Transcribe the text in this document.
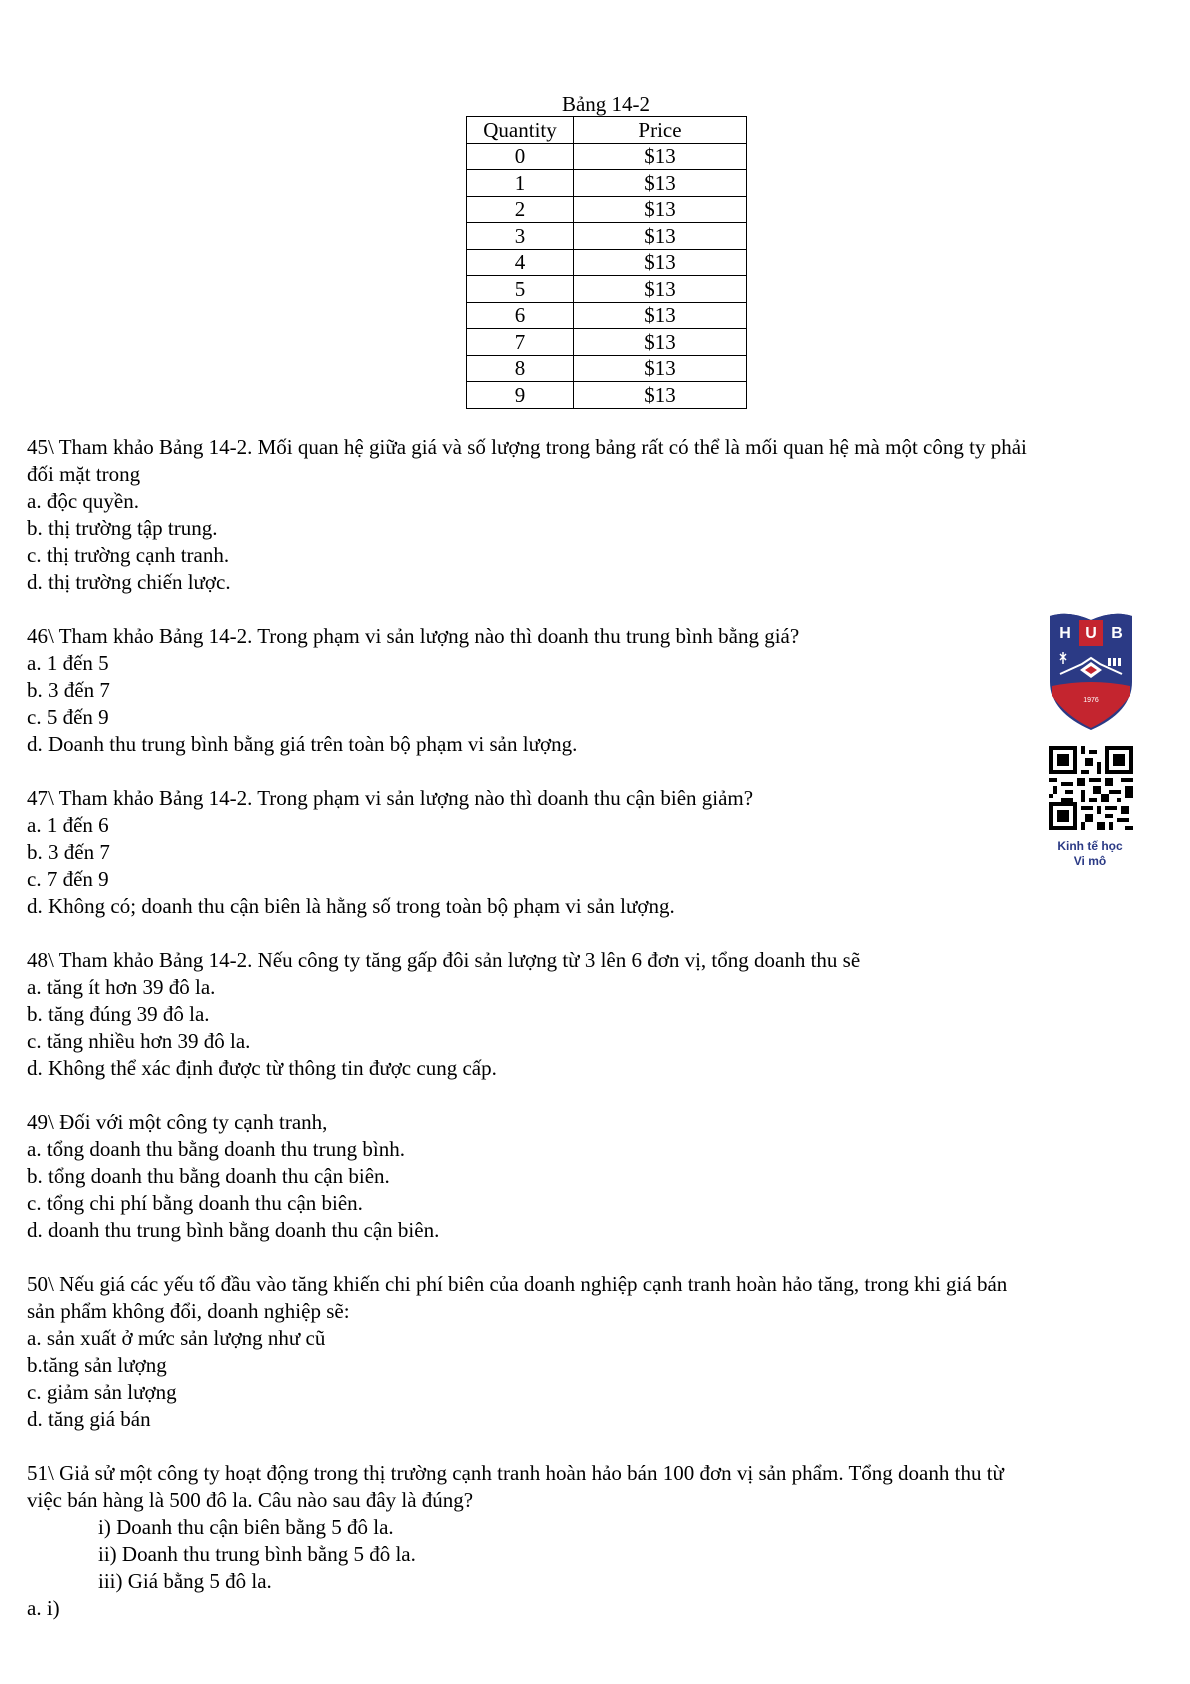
Bảng 14-2
Quantity	Price
0	$13
1	$13
2	$13
3	$13
4	$13
5	$13
6	$13
7	$13
8	$13
9	$13

45\ Tham khảo Bảng 14-2. Mối quan hệ giữa giá và số lượng trong bảng rất có thể là mối quan hệ mà một công ty phải

đối mặt trong

a. độc quyền.

b. thị trường tập trung.

c. thị trường cạnh tranh.

d. thị trường chiến lược.

46\ Tham khảo Bảng 14-2. Trong phạm vi sản lượng nào thì doanh thu trung bình bằng giá?

a. 1 đến 5

b. 3 đến 7

c. 5 đến 9

d. Doanh thu trung bình bằng giá trên toàn bộ phạm vi sản lượng.

47\ Tham khảo Bảng 14-2. Trong phạm vi sản lượng nào thì doanh thu cận biên giảm?

a. 1 đến 6

b. 3 đến 7

c. 7 đến 9

d. Không có; doanh thu cận biên là hằng số trong toàn bộ phạm vi sản lượng.

48\ Tham khảo Bảng 14-2. Nếu công ty tăng gấp đôi sản lượng từ 3 lên 6 đơn vị, tổng doanh thu sẽ

a. tăng ít hơn 39 đô la.

b. tăng đúng 39 đô la.

c. tăng nhiều hơn 39 đô la.

d. Không thể xác định được từ thông tin được cung cấp.

49\ Đối với một công ty cạnh tranh,

a. tổng doanh thu bằng doanh thu trung bình.

b. tổng doanh thu bằng doanh thu cận biên.

c. tổng chi phí bằng doanh thu cận biên.

d. doanh thu trung bình bằng doanh thu cận biên.

50\ Nếu giá các yếu tố đầu vào tăng khiến chi phí biên của doanh nghiệp cạnh tranh hoàn hảo tăng, trong khi giá bán

sản phẩm không đổi, doanh nghiệp sẽ:

a. sản xuất ở mức sản lượng như cũ

b.tăng sản lượng

c. giảm sản lượng

d. tăng giá bán

51\ Giả sử một công ty hoạt động trong thị trường cạnh tranh hoàn hảo bán 100 đơn vị sản phẩm. Tổng doanh thu từ

việc bán hàng là 500 đô la. Câu nào sau đây là đúng?

i) Doanh thu cận biên bằng 5 đô la.

ii) Doanh thu trung bình bằng 5 đô la.

iii) Giá bằng 5 đô la.

a. i)

H U B
1976
Kinh tế học
Vi mô
